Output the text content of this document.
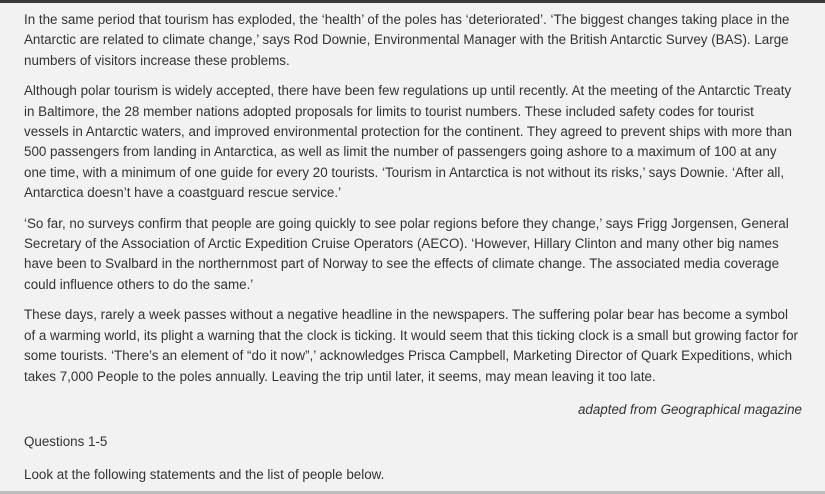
In the same period that tourism has exploded, the ‘health’ of the poles has ‘deteriorated’. ‘The biggest changes taking place in the Antarctic are related to climate change,’ says Rod Downie, Environmental Manager with the British Antarctic Survey (BAS). Large numbers of visitors increase these problems.

Although polar tourism is widely accepted, there have been few regulations up until recently. At the meeting of the Antarctic Treaty in Baltimore, the 28 member nations adopted proposals for limits to tourist numbers. These included safety codes for tourist vessels in Antarctic waters, and improved environmental protection for the continent. They agreed to prevent ships with more than 500 passengers from landing in Antarctica, as well as limit the number of passengers going ashore to a maximum of 100 at any one time, with a minimum of one guide for every 20 tourists. ‘Tourism in Antarctica is not without its risks,’ says Downie. ‘After all, Antarctica doesn’t have a coastguard rescue service.’

‘So far, no surveys confirm that people are going quickly to see polar regions before they change,’ says Frigg Jorgensen, General Secretary of the Association of Arctic Expedition Cruise Operators (AECO). ‘However, Hillary Clinton and many other big names have been to Svalbard in the northernmost part of Norway to see the effects of climate change. The associated media coverage could influence others to do the same.’

These days, rarely a week passes without a negative headline in the newspapers. The suffering polar bear has become a symbol of a warming world, its plight a warning that the clock is ticking. It would seem that this ticking clock is a small but growing factor for some tourists. ‘There’s an element of “do it now”,’ acknowledges Prisca Campbell, Marketing Director of Quark Expeditions, which takes 7,000 People to the poles annually. Leaving the trip until later, it seems, may mean leaving it too late.

adapted from Geographical magazine

Questions 1-5

Look at the following statements and the list of people below.
